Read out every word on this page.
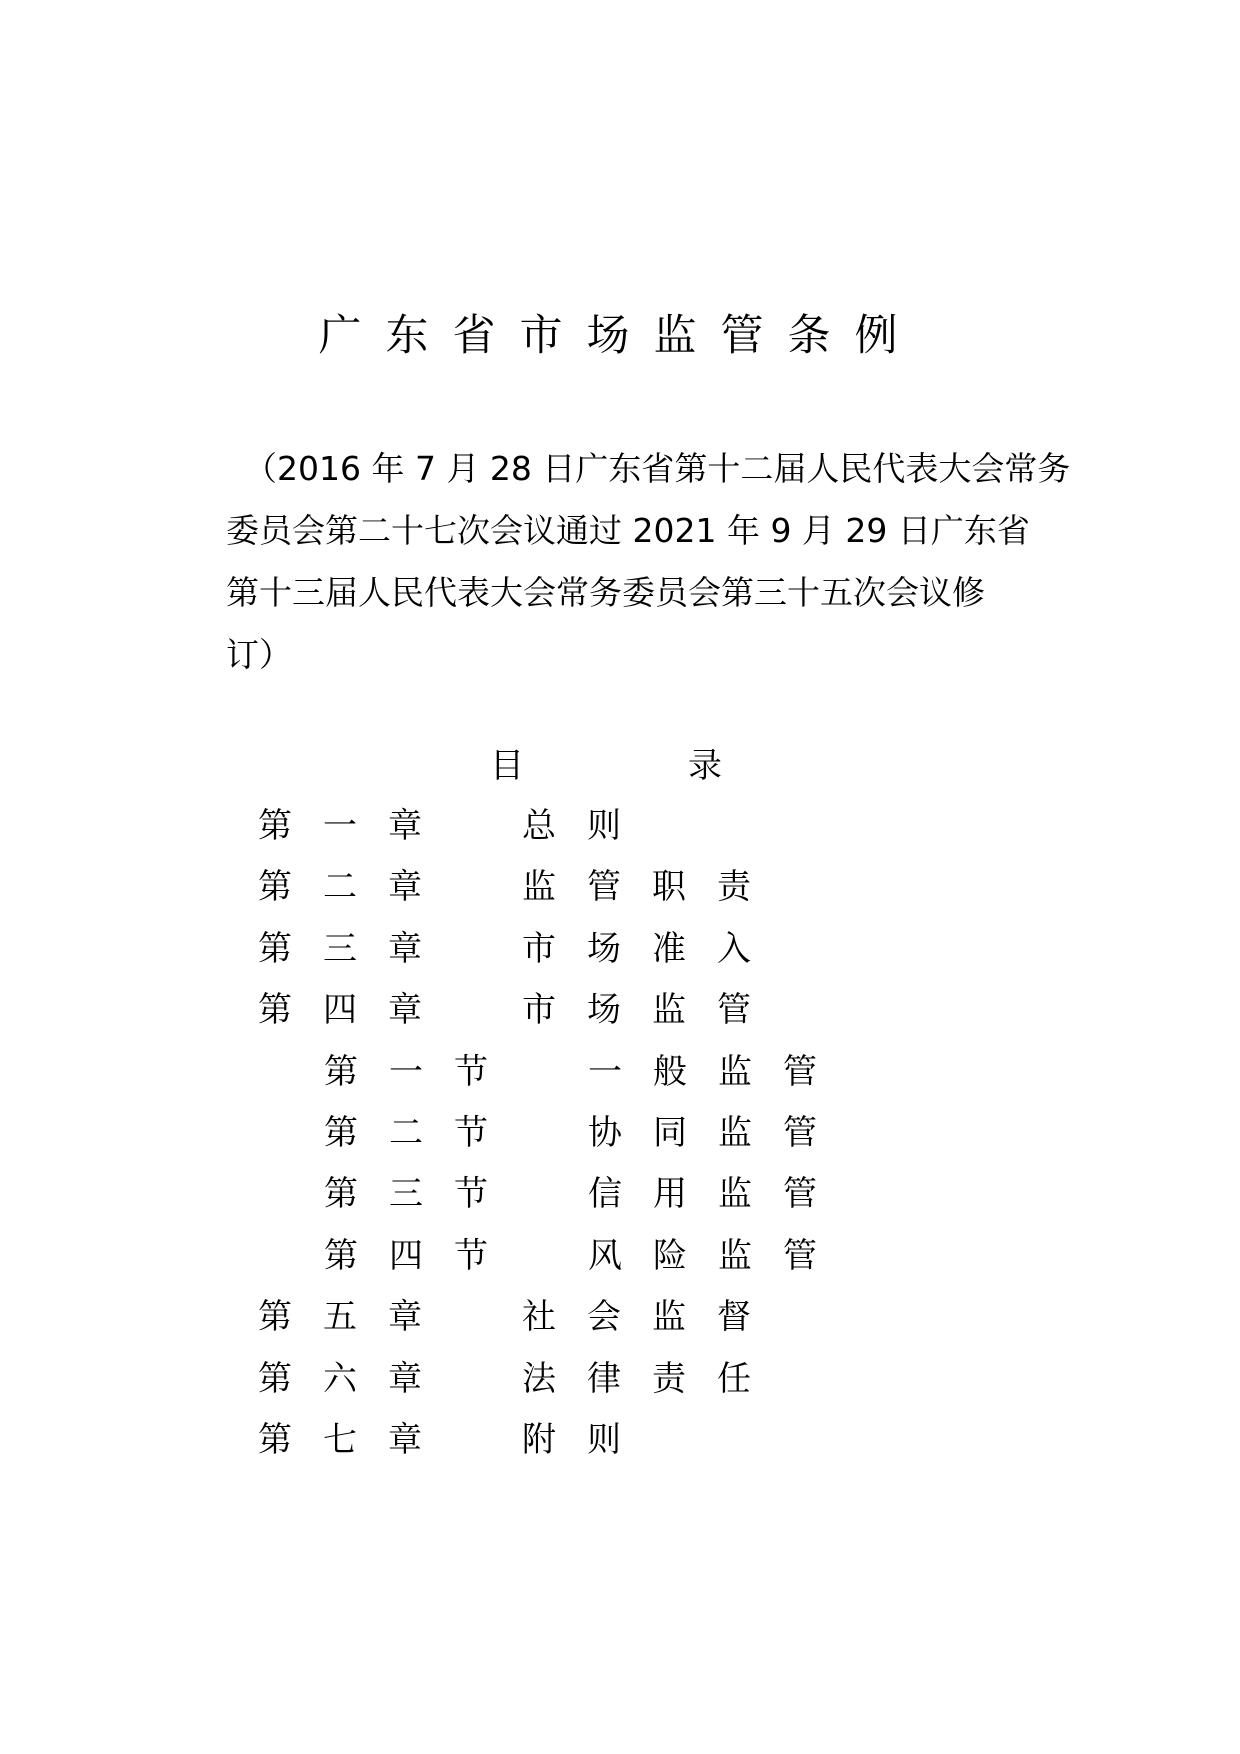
广东省市场监管条例
（2016 年 7 月 28 日广东省第十二届人民代表大会常务
委员会第二十七次会议通过 2021 年 9 月 29 日广东省
第十三届人民代表大会常务委员会第三十五次会议修
订）
目	录
第一章 总则
第二章 监管职责
第三章 市场准入
第四章 市场监管
第一节 一般监管
第二节 协同监管
第三节 信用监管
第四节 风险监管
第五章 社会监督
第六章 法律责任
第七章 附则
